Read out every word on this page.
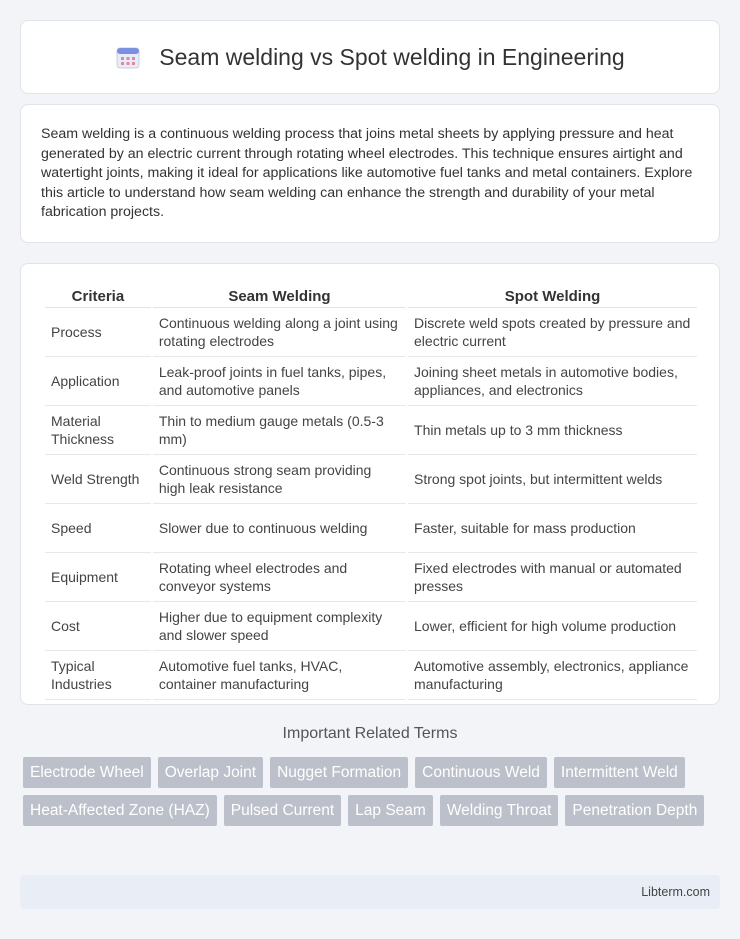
Seam welding vs Spot welding in Engineering

Seam welding is a continuous welding process that joins metal sheets by applying pressure and heat generated by an electric current through rotating wheel electrodes. This technique ensures airtight and watertight joints, making it ideal for applications like automotive fuel tanks and metal containers. Explore this article to understand how seam welding can enhance the strength and durability of your metal fabrication projects.

Criteria	Seam Welding	Spot Welding
Process	Continuous welding along a joint using rotating electrodes	Discrete weld spots created by pressure and electric current
Application	Leak-proof joints in fuel tanks, pipes, and automotive panels	Joining sheet metals in automotive bodies, appliances, and electronics
Material Thickness	Thin to medium gauge metals (0.5-3 mm)	Thin metals up to 3 mm thickness
Weld Strength	Continuous strong seam providing high leak resistance	Strong spot joints, but intermittent welds
Speed	Slower due to continuous welding	Faster, suitable for mass production
Equipment	Rotating wheel electrodes and conveyor systems	Fixed electrodes with manual or automated presses
Cost	Higher due to equipment complexity and slower speed	Lower, efficient for high volume production
Typical Industries	Automotive fuel tanks, HVAC, container manufacturing	Automotive assembly, electronics, appliance manufacturing
Important Related Terms
Electrode Wheel	Overlap Joint	Nugget Formation	Continuous Weld	Intermittent Weld
Heat-Affected Zone (HAZ)	Pulsed Current	Lap Seam	Welding Throat	Penetration Depth
Libterm.com
